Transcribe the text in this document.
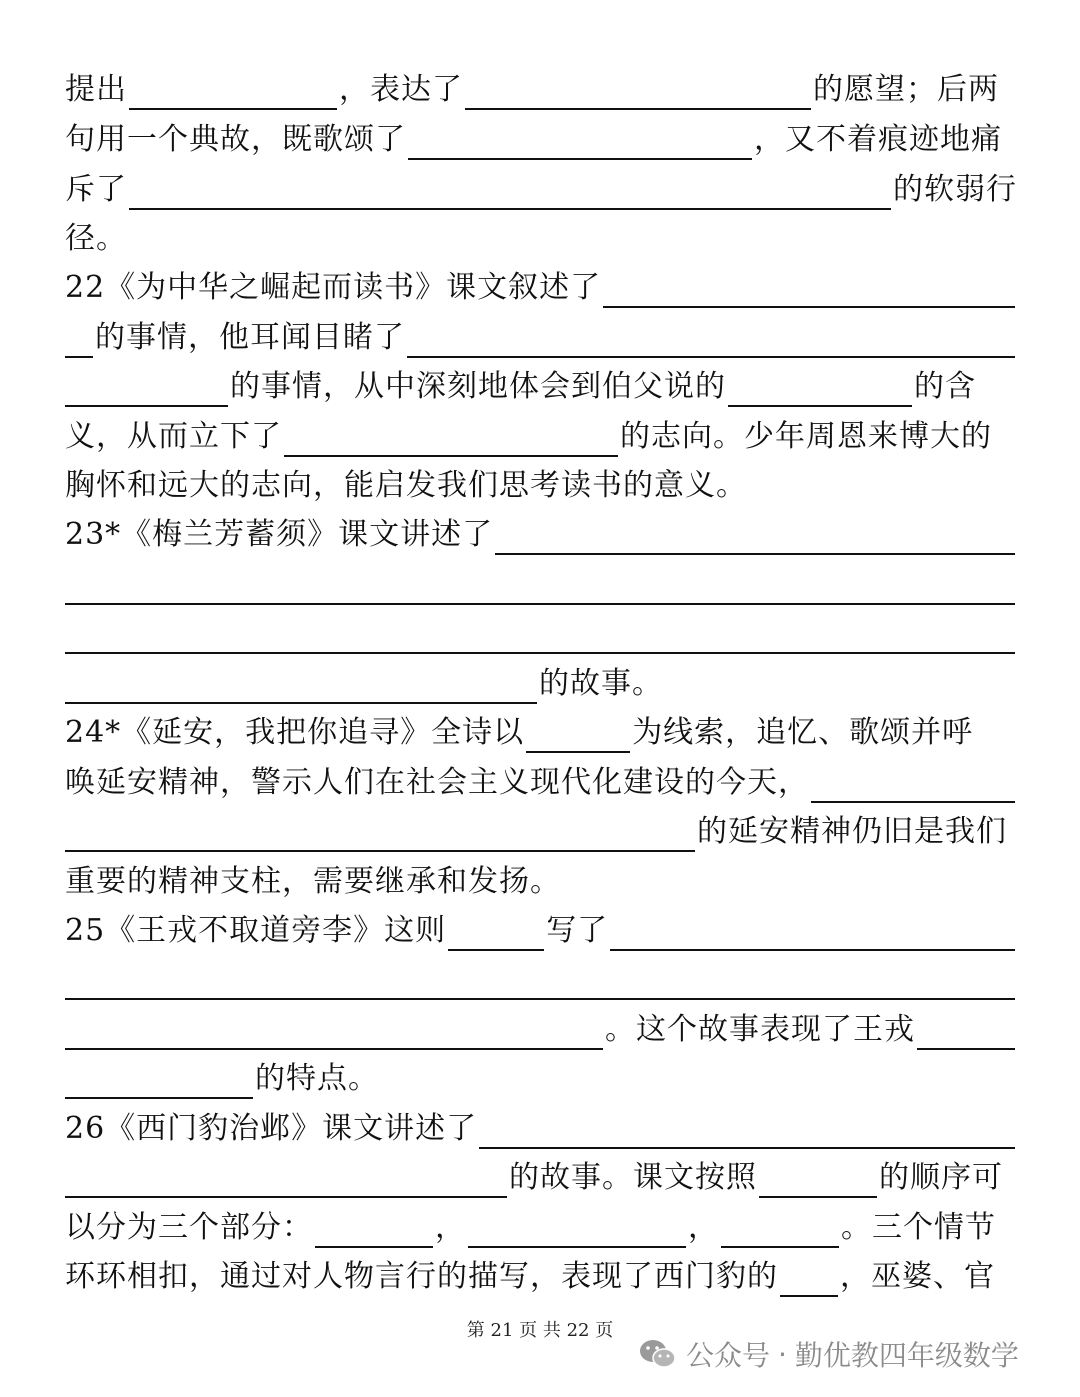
提出	，表达了	的愿望；后两
句用一个典故，既歌颂了	，又不着痕迹地痛
斥了	的软弱行
径。
22《为中华之崛起而读书》课文叙述了
的事情，他耳闻目睹了
的事情，从中深刻地体会到伯父说的	的含
义，从而立下了	的志向。少年周恩来博大的
胸怀和远大的志向，能启发我们思考读书的意义。
23*《梅兰芳蓄须》课文讲述了
的故事。
24*《延安，我把你追寻》全诗以	为线索，追忆、歌颂并呼
唤延安精神，警示人们在社会主义现代化建设的今天，
的延安精神仍旧是我们
重要的精神支柱，需要继承和发扬。
25《王戎不取道旁李》这则	写了
。这个故事表现了王戎
的特点。
26《西门豹治邺》课文讲述了
的故事。课文按照	的顺序可
以分为三个部分：	，	，	。三个情节
环环相扣，通过对人物言行的描写，表现了西门豹的 ，巫婆、官
第 21 页 共 22 页
公众号 · 勤优教四年级数学
